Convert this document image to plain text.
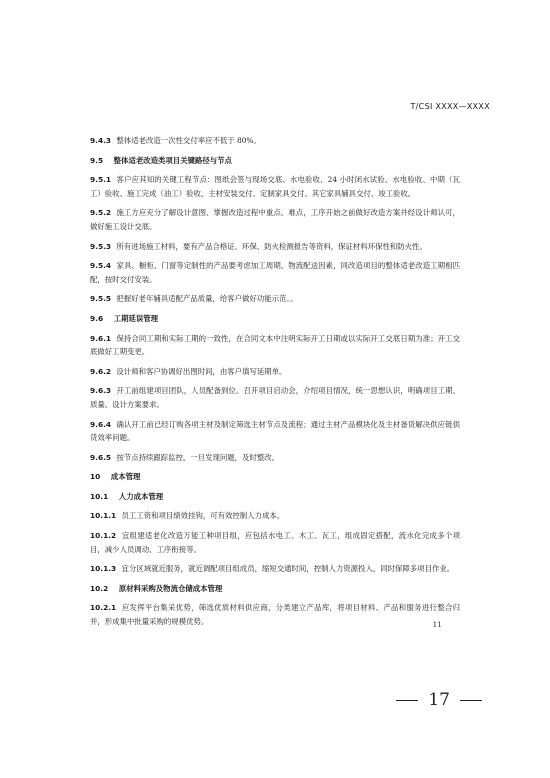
T/CSI XXXX—XXXX

9.4.3 整体适老改造一次性交付率应不低于 80%。

9.5 整体适老改造类项目关键路径与节点

9.5.1 客户应其知的关键工程节点：图纸会签与现场交底、水电验收、24 小时闭水试验、水电验收、中期（瓦工）验收、施工完成（油工）验收、主材安装交付、定制家具交付、其它家具辅具交付、竣工验收。

9.5.2 施工方应充分了解设计意图、掌握改造过程中重点、难点，工序开始之前做好改造方案并经设计师认可，做好施工设计交底。

9.5.3 所有进场施工材料，要有产品合格证、环保、防火检测报告等资料，保证材料环保性和防火性。

9.5.4 家具、橱柜、门窗等定制性的产品要考虑加工周期、物流配送因素，同改造项目的整体适老改造工期相匹配，按时交付安装。

9.5.5 把握好老年辅具适配产品质量，给客户做好功能示范。。

9.6 工期延误管理

9.6.1 保持合同工期和实际工期的一致性，在合同文本中注明实际开工日期或以实际开工交底日期为准；开工交底做好工期变更。

9.6.2 设计师和客户协调好出图时间，由客户填写延期单。

9.6.3 开工前组建项目团队，人员配备到位。召开项目启动会，介绍项目情况，统一思想认识，明确项目工期、质量、设计方案要求。

9.6.4 确认开工前已经订购各项主材及制定筛选主材节点及流程；通过主材产品模块化及主材备货解决供应链供货效率问题。

9.6.5 按节点持续跟踪监控，一旦发现问题，及时整改。

10 成本管理

10.1 人力成本管理

10.1.1 员工工资和项目绩效挂钩，可有效控制人力成本。

10.1.2 宜组建适老化改造万能工种项目组，应包括水电工、木工、瓦工，组成固定搭配，流水化完成多个项目，减少人员调动、工序衔接等。

10.1.3 宜分区域就近服务，就近调配项目组成员，缩短交通时间，控制人力资源投入，同时保障多项目作业。

10.2 原材料采购及物流仓储成本管理

10.2.1 应发挥平台集采优势，筛选优质材料供应商，分类建立产品库，将项目材料、产品和服务进行整合归并，形成集中批量采购的规模优势。	11
17
